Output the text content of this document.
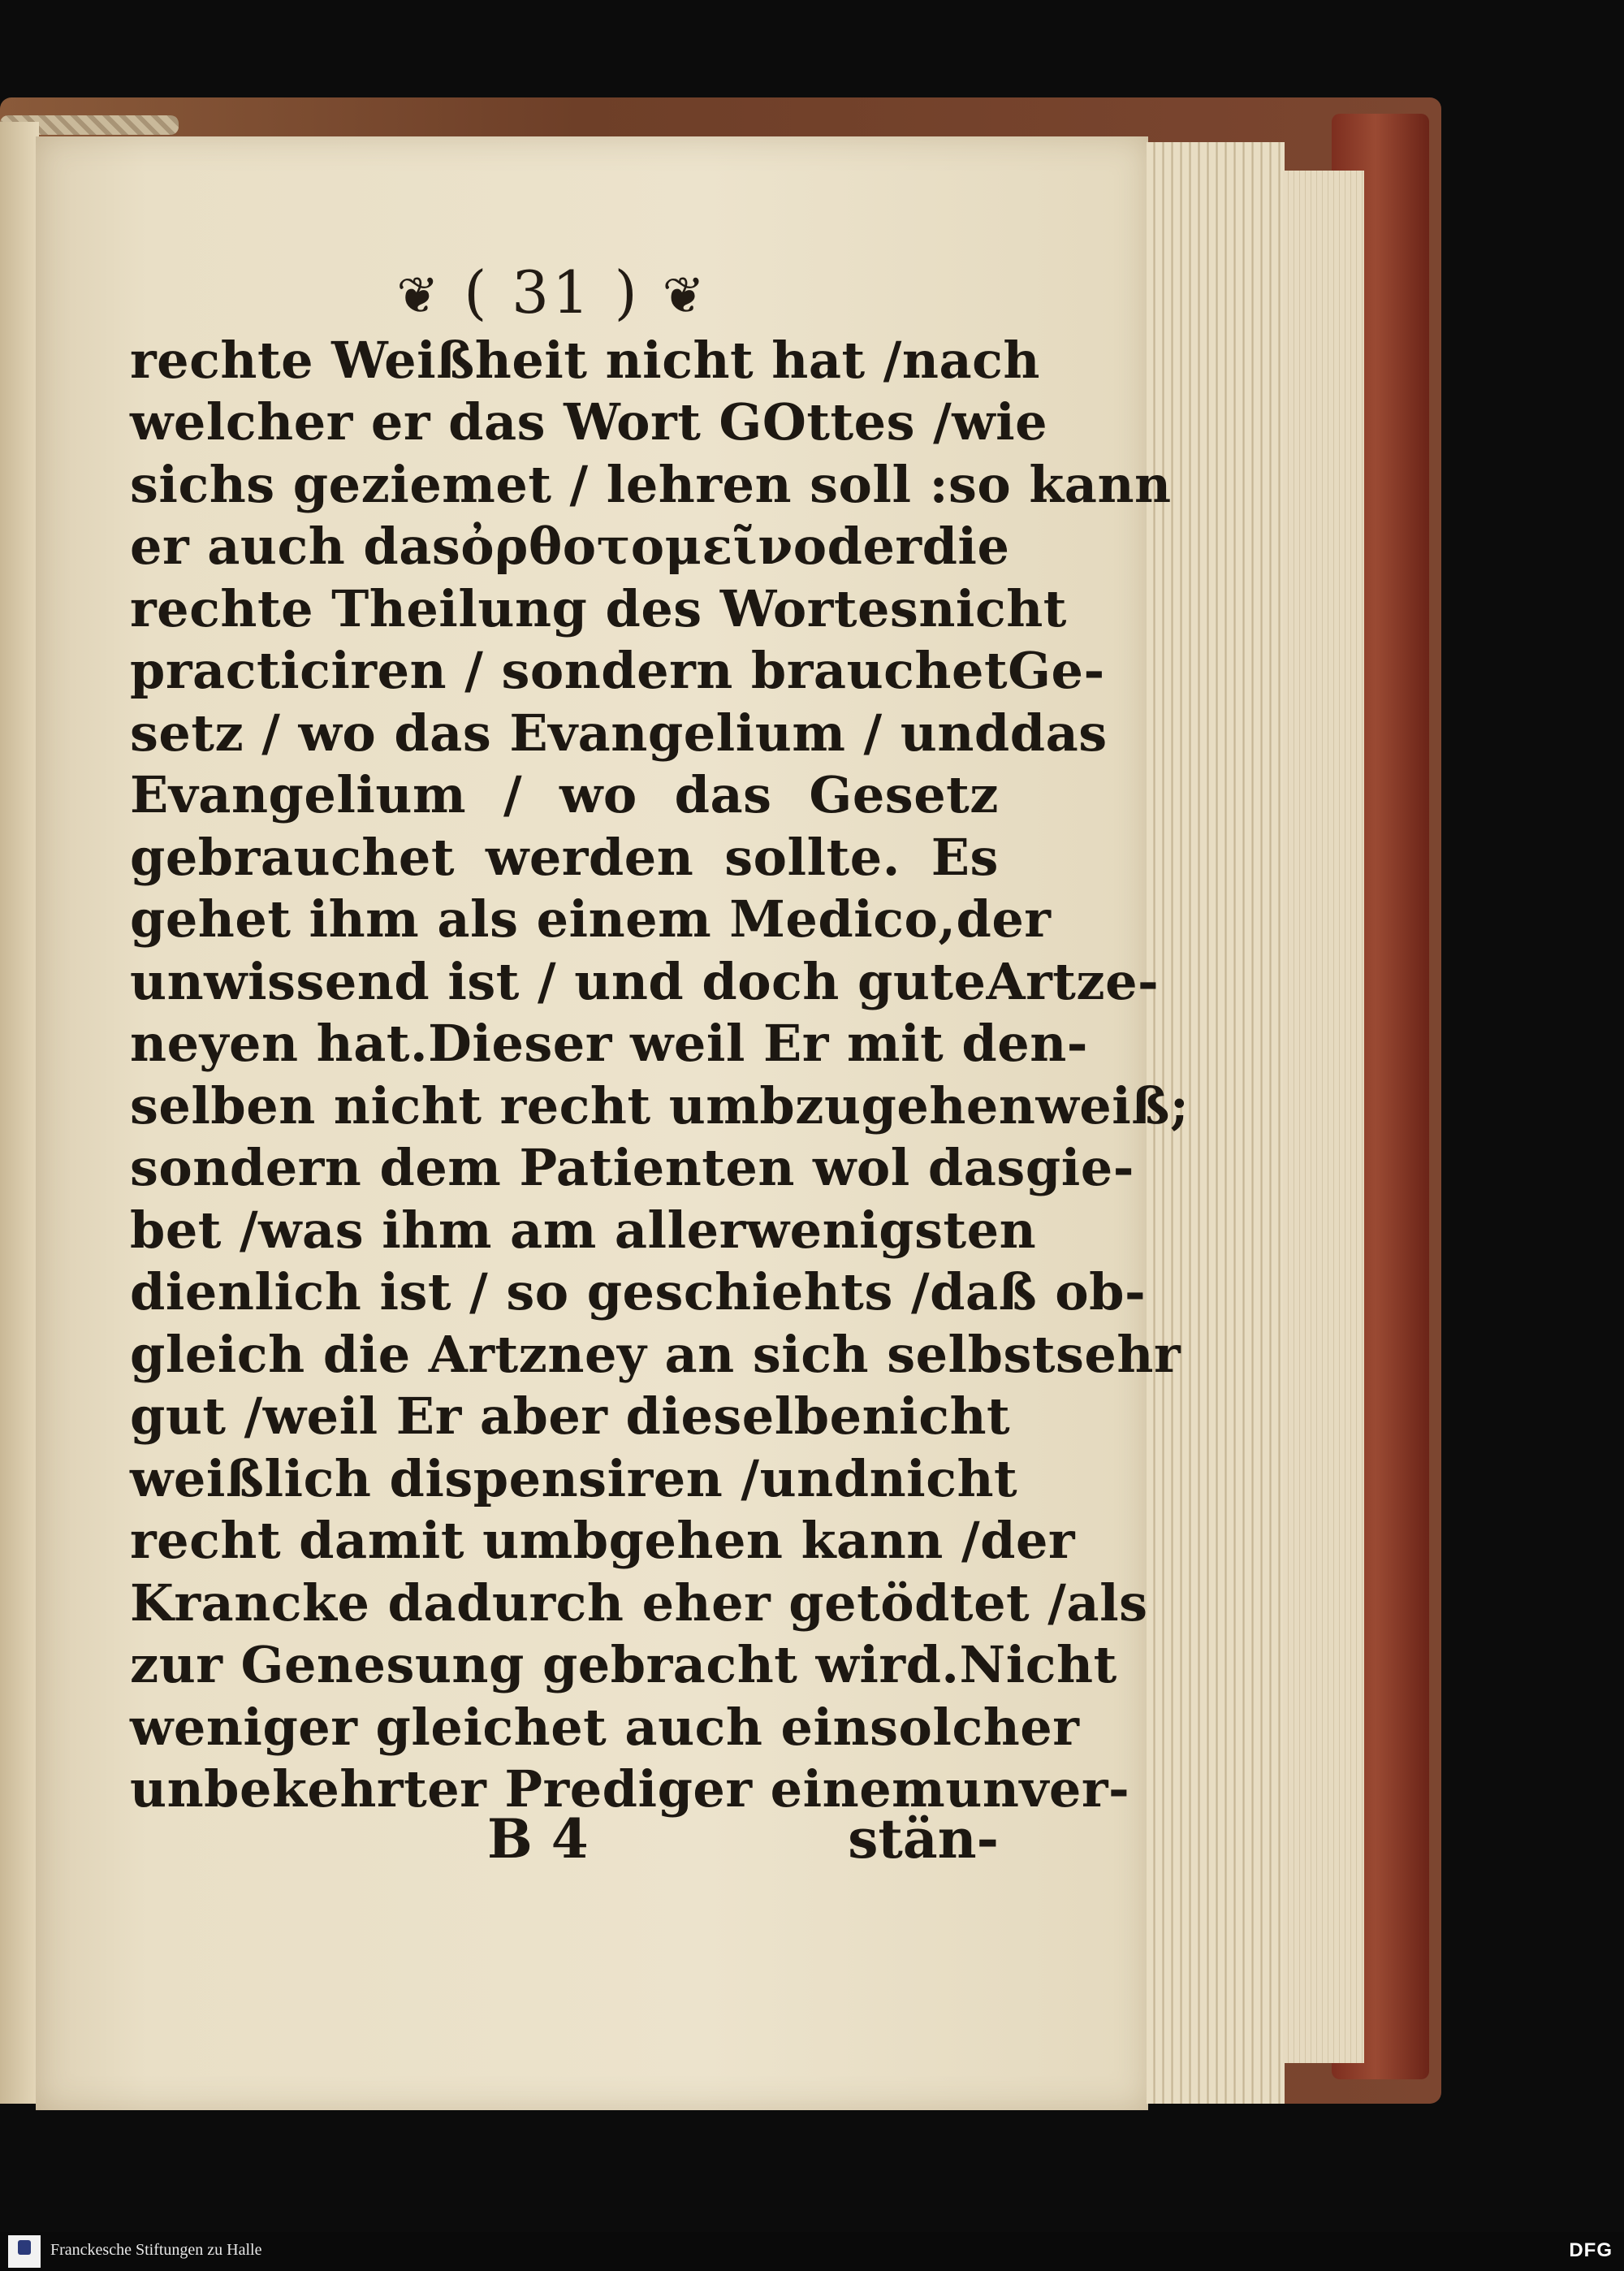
❦ ( 31 ) ❦
rechte Weißheit nicht hat / nach
welcher er das Wort GOttes / wie
sichs geziemet / lehren soll : so kann
er auch das ὀρθοτομεῖν oder die
rechte Theilung des Wortes nicht
practiciren / sondern brauchet Ge-
setz / wo das Evangelium / und das
Evangelium / wo das Gesetz
gebrauchet werden sollte. Es
gehet ihm als einem Medico, der
unwissend ist / und doch gute Artze-
neyen hat. Dieser weil Er mit den-
selben nicht recht umbzugehen weiß;
sondern dem Patienten wol das gie-
bet / was ihm am allerwenigsten
dienlich ist / so geschiehts / daß ob-
gleich die Artzney an sich selbst sehr
gut / weil Er aber dieselbe nicht
weißlich dispensiren / und nicht
recht damit umbgehen kann / der
Krancke dadurch eher getödtet / als
zur Genesung gebracht wird. Nicht
weniger gleichet auch ein solcher
unbekehrter Prediger einem unver-
B 4	stän-
Franckesche Stiftungen zu Halle	DFG
